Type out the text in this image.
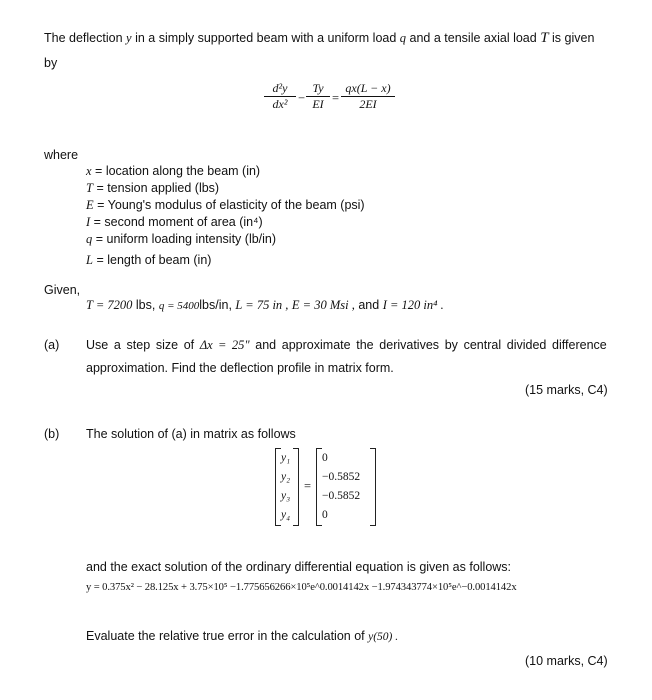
The deflection y in a simply supported beam with a uniform load q and a tensile axial load T is given
by
$\frac{\text{d²y}}{\text{dx²}} - \frac{Ty}{EI} = \frac{qx(L - x)}{2EI}$
where
x = location along the beam (in)
T = tension applied (lbs)
E = Young's modulus of elasticity of the beam (psi)
I = second moment of area (in⁴)
q = uniform loading intensity (lb/in)
L = length of beam (in)
Given,
T = 7200 lbs, q = 5400lbs/in, L = 75 in , E = 30 Msi , and I = 120 in⁴ .
(a) Use a step size of Δx = 25" and approximate the derivatives by central divided difference
approximation. Find the deflection profile in matrix form.
(15 marks, C4)
(b) The solution of (a) in matrix as follows
y₁
y₂
y₃
y₄
=
0
−0.5852
−0.5852
0
and the exact solution of the ordinary differential equation is given as follows:
y = 0.375x² − 28.125x + 3.75×10⁵ −1.775656266×10⁵e^0.0014142x −1.974343774×10⁵e^−0.0014142x
Evaluate the relative true error in the calculation of y(50) .
(10 marks, C4)
